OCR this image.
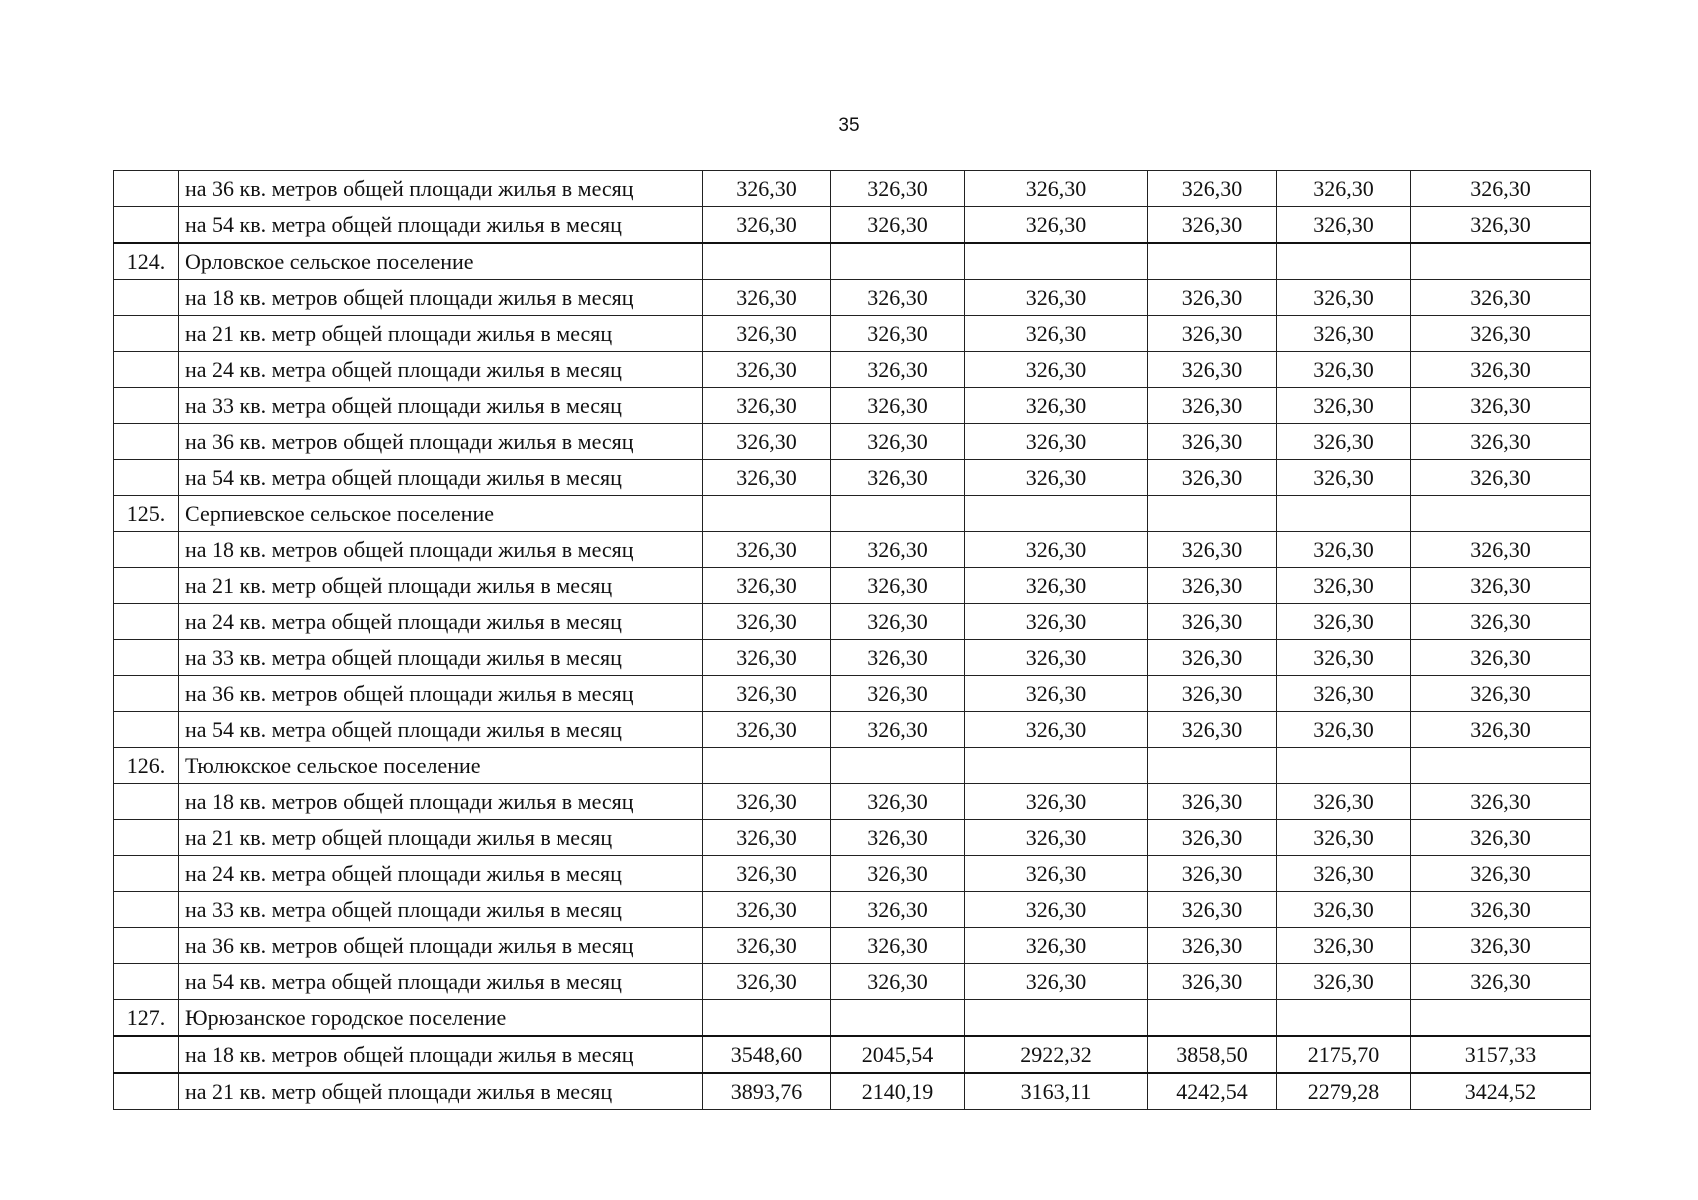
35
	на 36 кв. метров общей площади жилья в месяц	326,30	326,30	326,30	326,30	326,30	326,30
	на 54 кв. метра общей площади жилья в месяц	326,30	326,30	326,30	326,30	326,30	326,30
124.	Орловское сельское поселение						
	на 18 кв. метров общей площади жилья в месяц	326,30	326,30	326,30	326,30	326,30	326,30
	на 21 кв. метр общей площади жилья в месяц	326,30	326,30	326,30	326,30	326,30	326,30
	на 24 кв. метра общей площади жилья в месяц	326,30	326,30	326,30	326,30	326,30	326,30
	на 33 кв. метра общей площади жилья в месяц	326,30	326,30	326,30	326,30	326,30	326,30
	на 36 кв. метров общей площади жилья в месяц	326,30	326,30	326,30	326,30	326,30	326,30
	на 54 кв. метра общей площади жилья в месяц	326,30	326,30	326,30	326,30	326,30	326,30
125.	Серпиевское сельское поселение						
	на 18 кв. метров общей площади жилья в месяц	326,30	326,30	326,30	326,30	326,30	326,30
	на 21 кв. метр общей площади жилья в месяц	326,30	326,30	326,30	326,30	326,30	326,30
	на 24 кв. метра общей площади жилья в месяц	326,30	326,30	326,30	326,30	326,30	326,30
	на 33 кв. метра общей площади жилья в месяц	326,30	326,30	326,30	326,30	326,30	326,30
	на 36 кв. метров общей площади жилья в месяц	326,30	326,30	326,30	326,30	326,30	326,30
	на 54 кв. метра общей площади жилья в месяц	326,30	326,30	326,30	326,30	326,30	326,30
126.	Тюлюкское сельское поселение						
	на 18 кв. метров общей площади жилья в месяц	326,30	326,30	326,30	326,30	326,30	326,30
	на 21 кв. метр общей площади жилья в месяц	326,30	326,30	326,30	326,30	326,30	326,30
	на 24 кв. метра общей площади жилья в месяц	326,30	326,30	326,30	326,30	326,30	326,30
	на 33 кв. метра общей площади жилья в месяц	326,30	326,30	326,30	326,30	326,30	326,30
	на 36 кв. метров общей площади жилья в месяц	326,30	326,30	326,30	326,30	326,30	326,30
	на 54 кв. метра общей площади жилья в месяц	326,30	326,30	326,30	326,30	326,30	326,30
127.	Юрюзанское городское поселение						
	на 18 кв. метров общей площади жилья в месяц	3548,60	2045,54	2922,32	3858,50	2175,70	3157,33
	на 21 кв. метр общей площади жилья в месяц	3893,76	2140,19	3163,11	4242,54	2279,28	3424,52
